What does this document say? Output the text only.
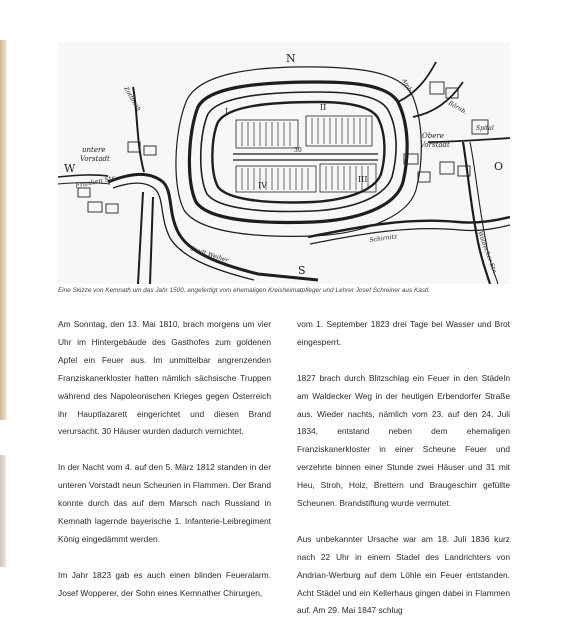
N
S
W	O
untere
Vorstadt
Obere
Vorstadt
Franken Str.
Zottbach	Amb.
Bärnb.
Spital
Stadt Weiher
Schirnitz	Waldecker Str.
I	II
III
IV
30
Eine Skizze von Kemnath um das Jahr 1500, angefertigt vom ehemaligen Kreisheimatpfleger und Lehrer Josef Schreiner aus Kastl.

Am Sonntag, den 13. Mai 1810, brach morgens um vier Uhr im Hintergebäude des Gasthofes zum goldenen Apfel ein Feuer aus. Im unmittelbar angrenzenden Franziskanerkloster hatten nämlich sächsische Truppen während des Napoleonischen Krieges gegen Österreich ihr Hauptlazarett eingerichtet und diesen Brand verursacht. 30 Häuser wurden dadurch vernichtet.

In der Nacht vom 4. auf den 5. März 1812 standen in der unteren Vorstadt neun Scheunen in Flammen. Der Brand konnte durch das auf dem Marsch nach Russland in Kemnath lagernde bayerische 1. Infanterie-Leibregiment König eingedämmt werden.

Im Jahr 1823 gab es auch einen blinden Feueralarm. Josef Wopperer, der Sohn eines Kemnather Chirurgen,

vom 1. September 1823 drei Tage bei Wasser und Brot eingesperrt.

1827 brach durch Blitzschlag ein Feuer in den Städeln am Waldecker Weg in der heutigen Erbendorfer Straße aus. Wieder nachts, nämlich vom 23. auf den 24. Juli 1834, entstand neben dem ehemaligen Franziskanerkloster in einer Scheune Feuer und verzehrte binnen einer Stunde zwei Häuser und 31 mit Heu, Stroh, Holz, Brettern und Braugeschirr gefüllte Scheunen. Brandstiftung wurde vermutet.

Aus unbekannter Ursache war am 18. Juli 1836 kurz nach 22 Uhr in einem Stadel des Landrichters von Andrian-Werburg auf dem Löhle ein Feuer entstanden. Acht Städel und ein Kellerhaus gingen dabei in Flammen auf. Am 29. Mai 1847 schlug
